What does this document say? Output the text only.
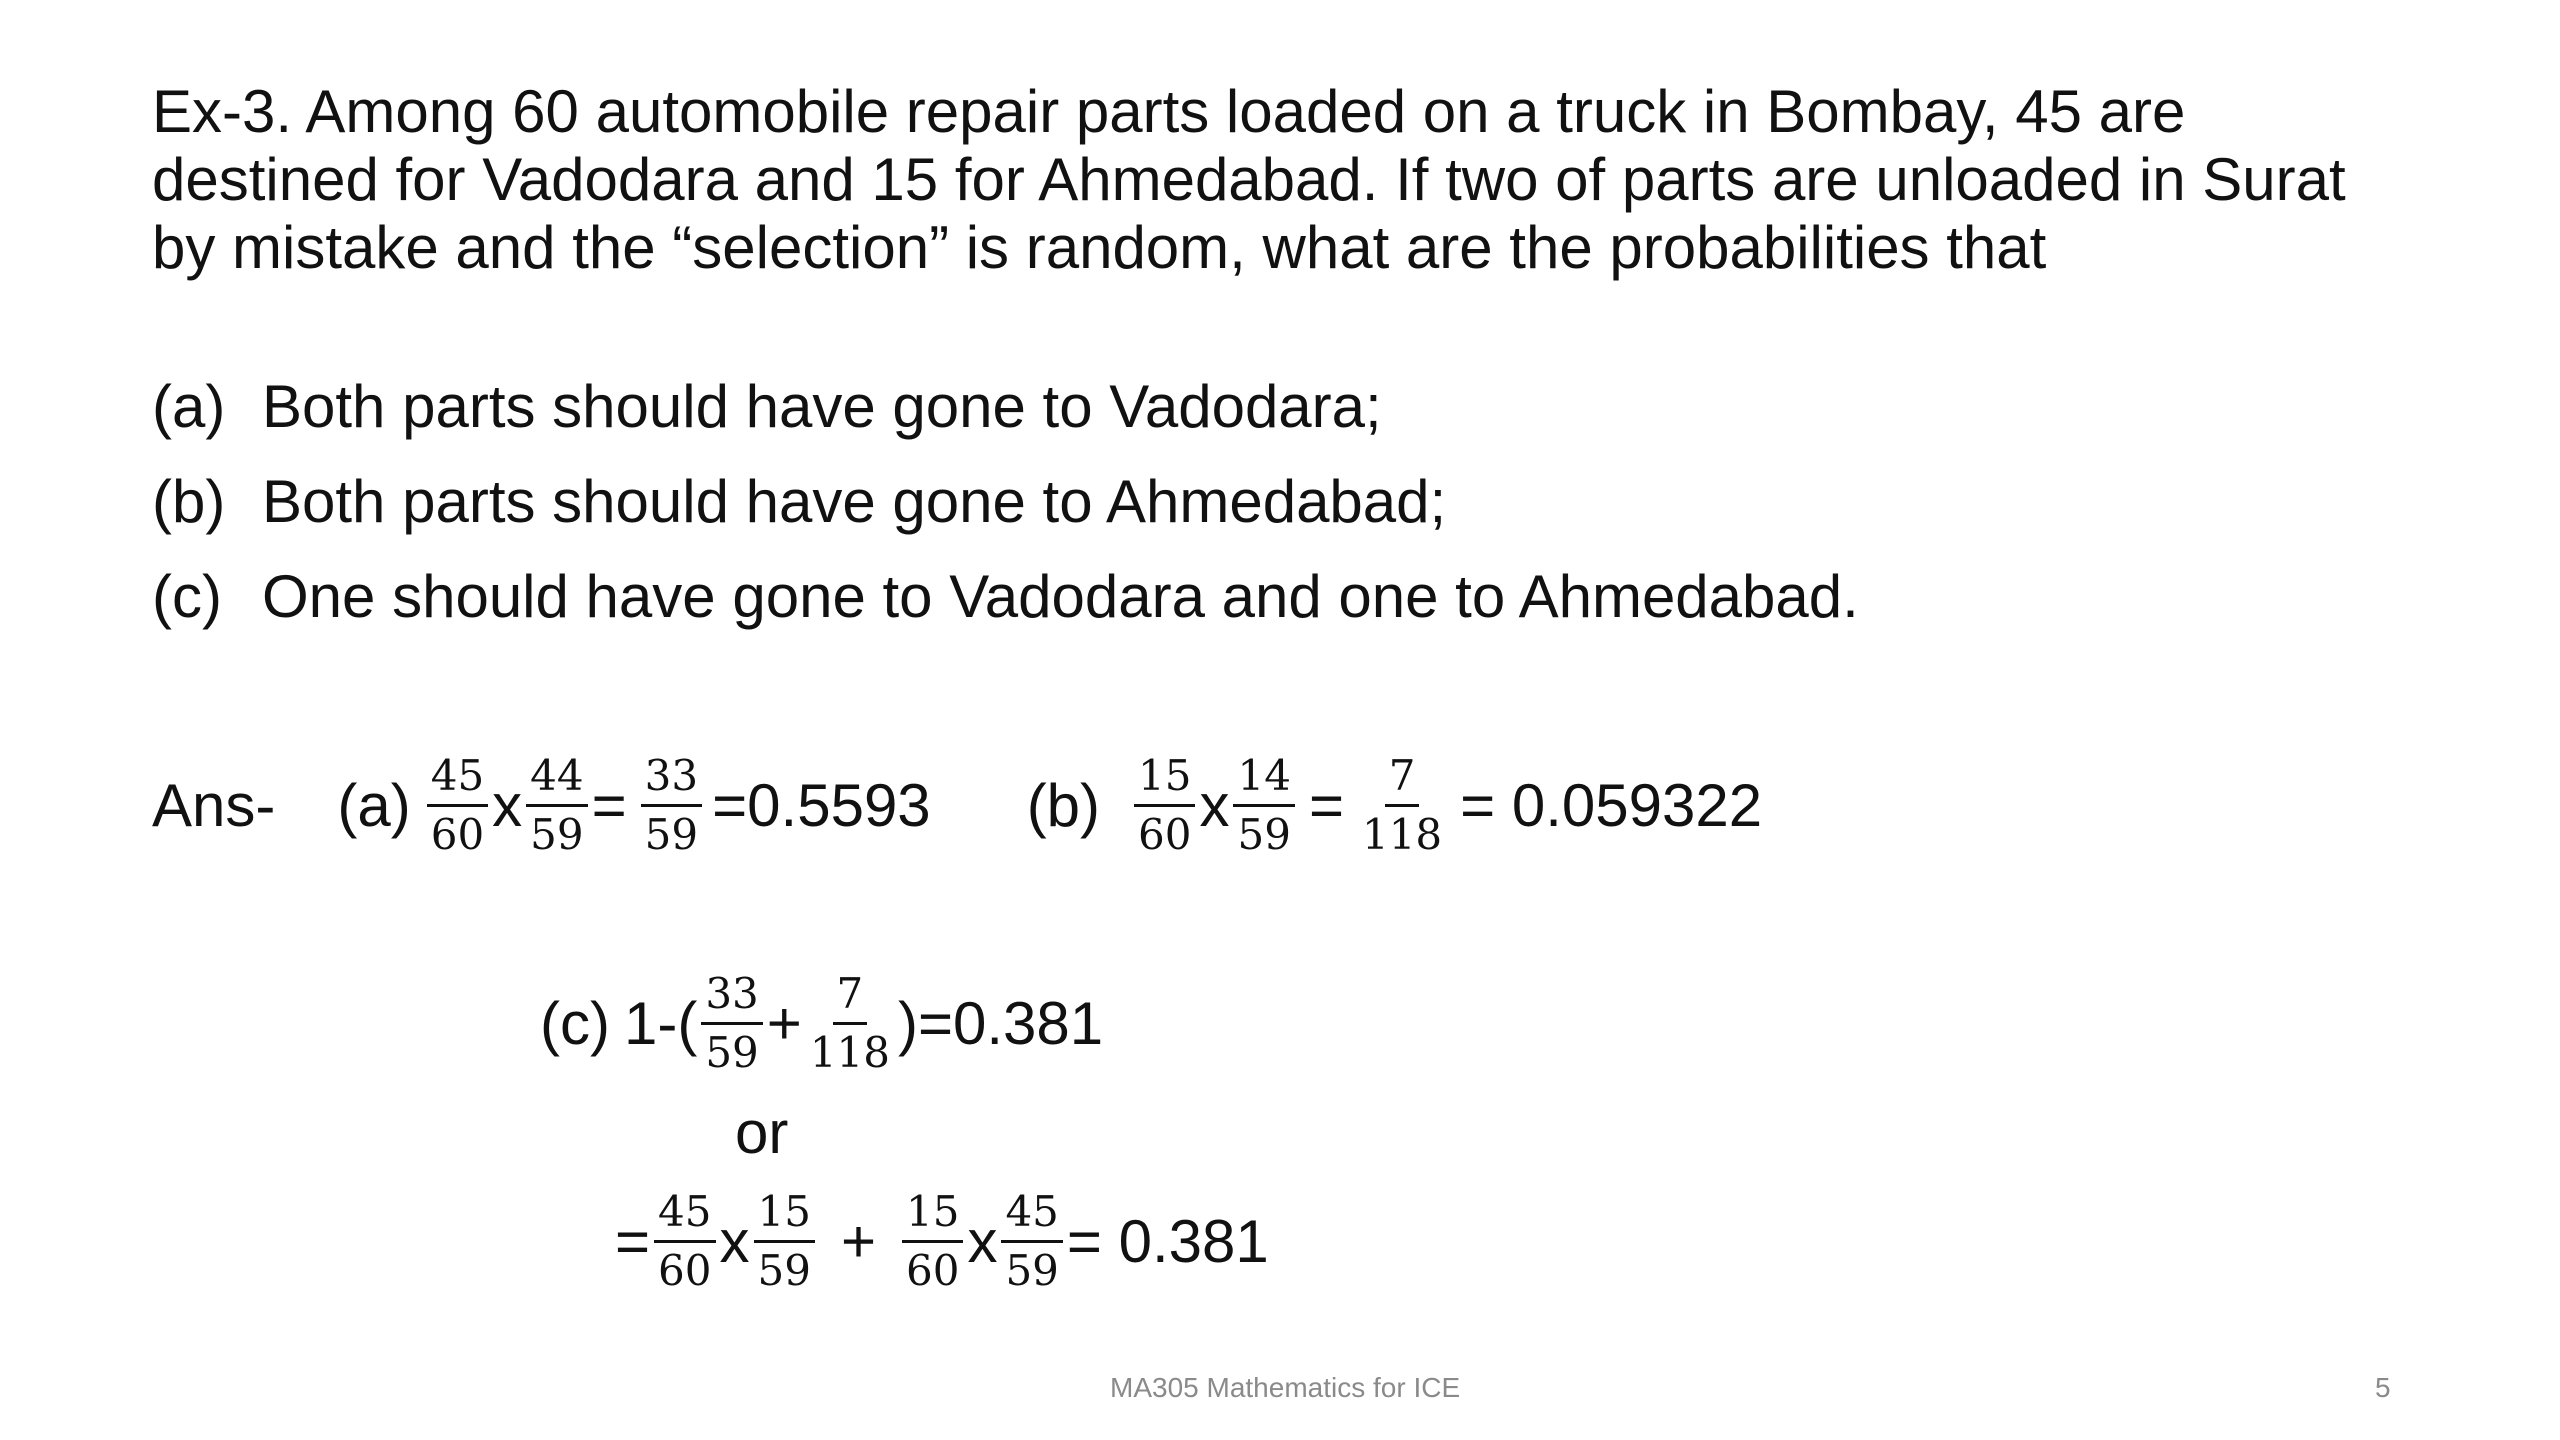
Ex-3. Among 60 automobile repair parts loaded on a truck in Bombay, 45 are destined for Vadodara and 15 for Ahmedabad. If two of parts are unloaded in Surat by mistake and the “selection” is random, what are the probabilities that

(a) Both parts should have gone to Vadodara;
(b) Both parts should have gone to Ahmedabad;
(c) One should have gone to Vadodara and one to Ahmedabad.
Ans- $(a) \frac{45}{60}$ x $\frac{44}{59} = \frac{33}{59} =0.5593$ $(b) \frac{15}{60}$ x $\frac{14}{59} = \frac{7}{118} = 0.059322$
(c) $1-( \frac{33}{59} + \frac{7}{118} )=0.381$
or
= $\frac{45}{60}$ x $\frac{15}{59} + \frac{15}{60}$ x $\frac{45}{59} = 0.381$
MA305 Mathematics for ICE	5
